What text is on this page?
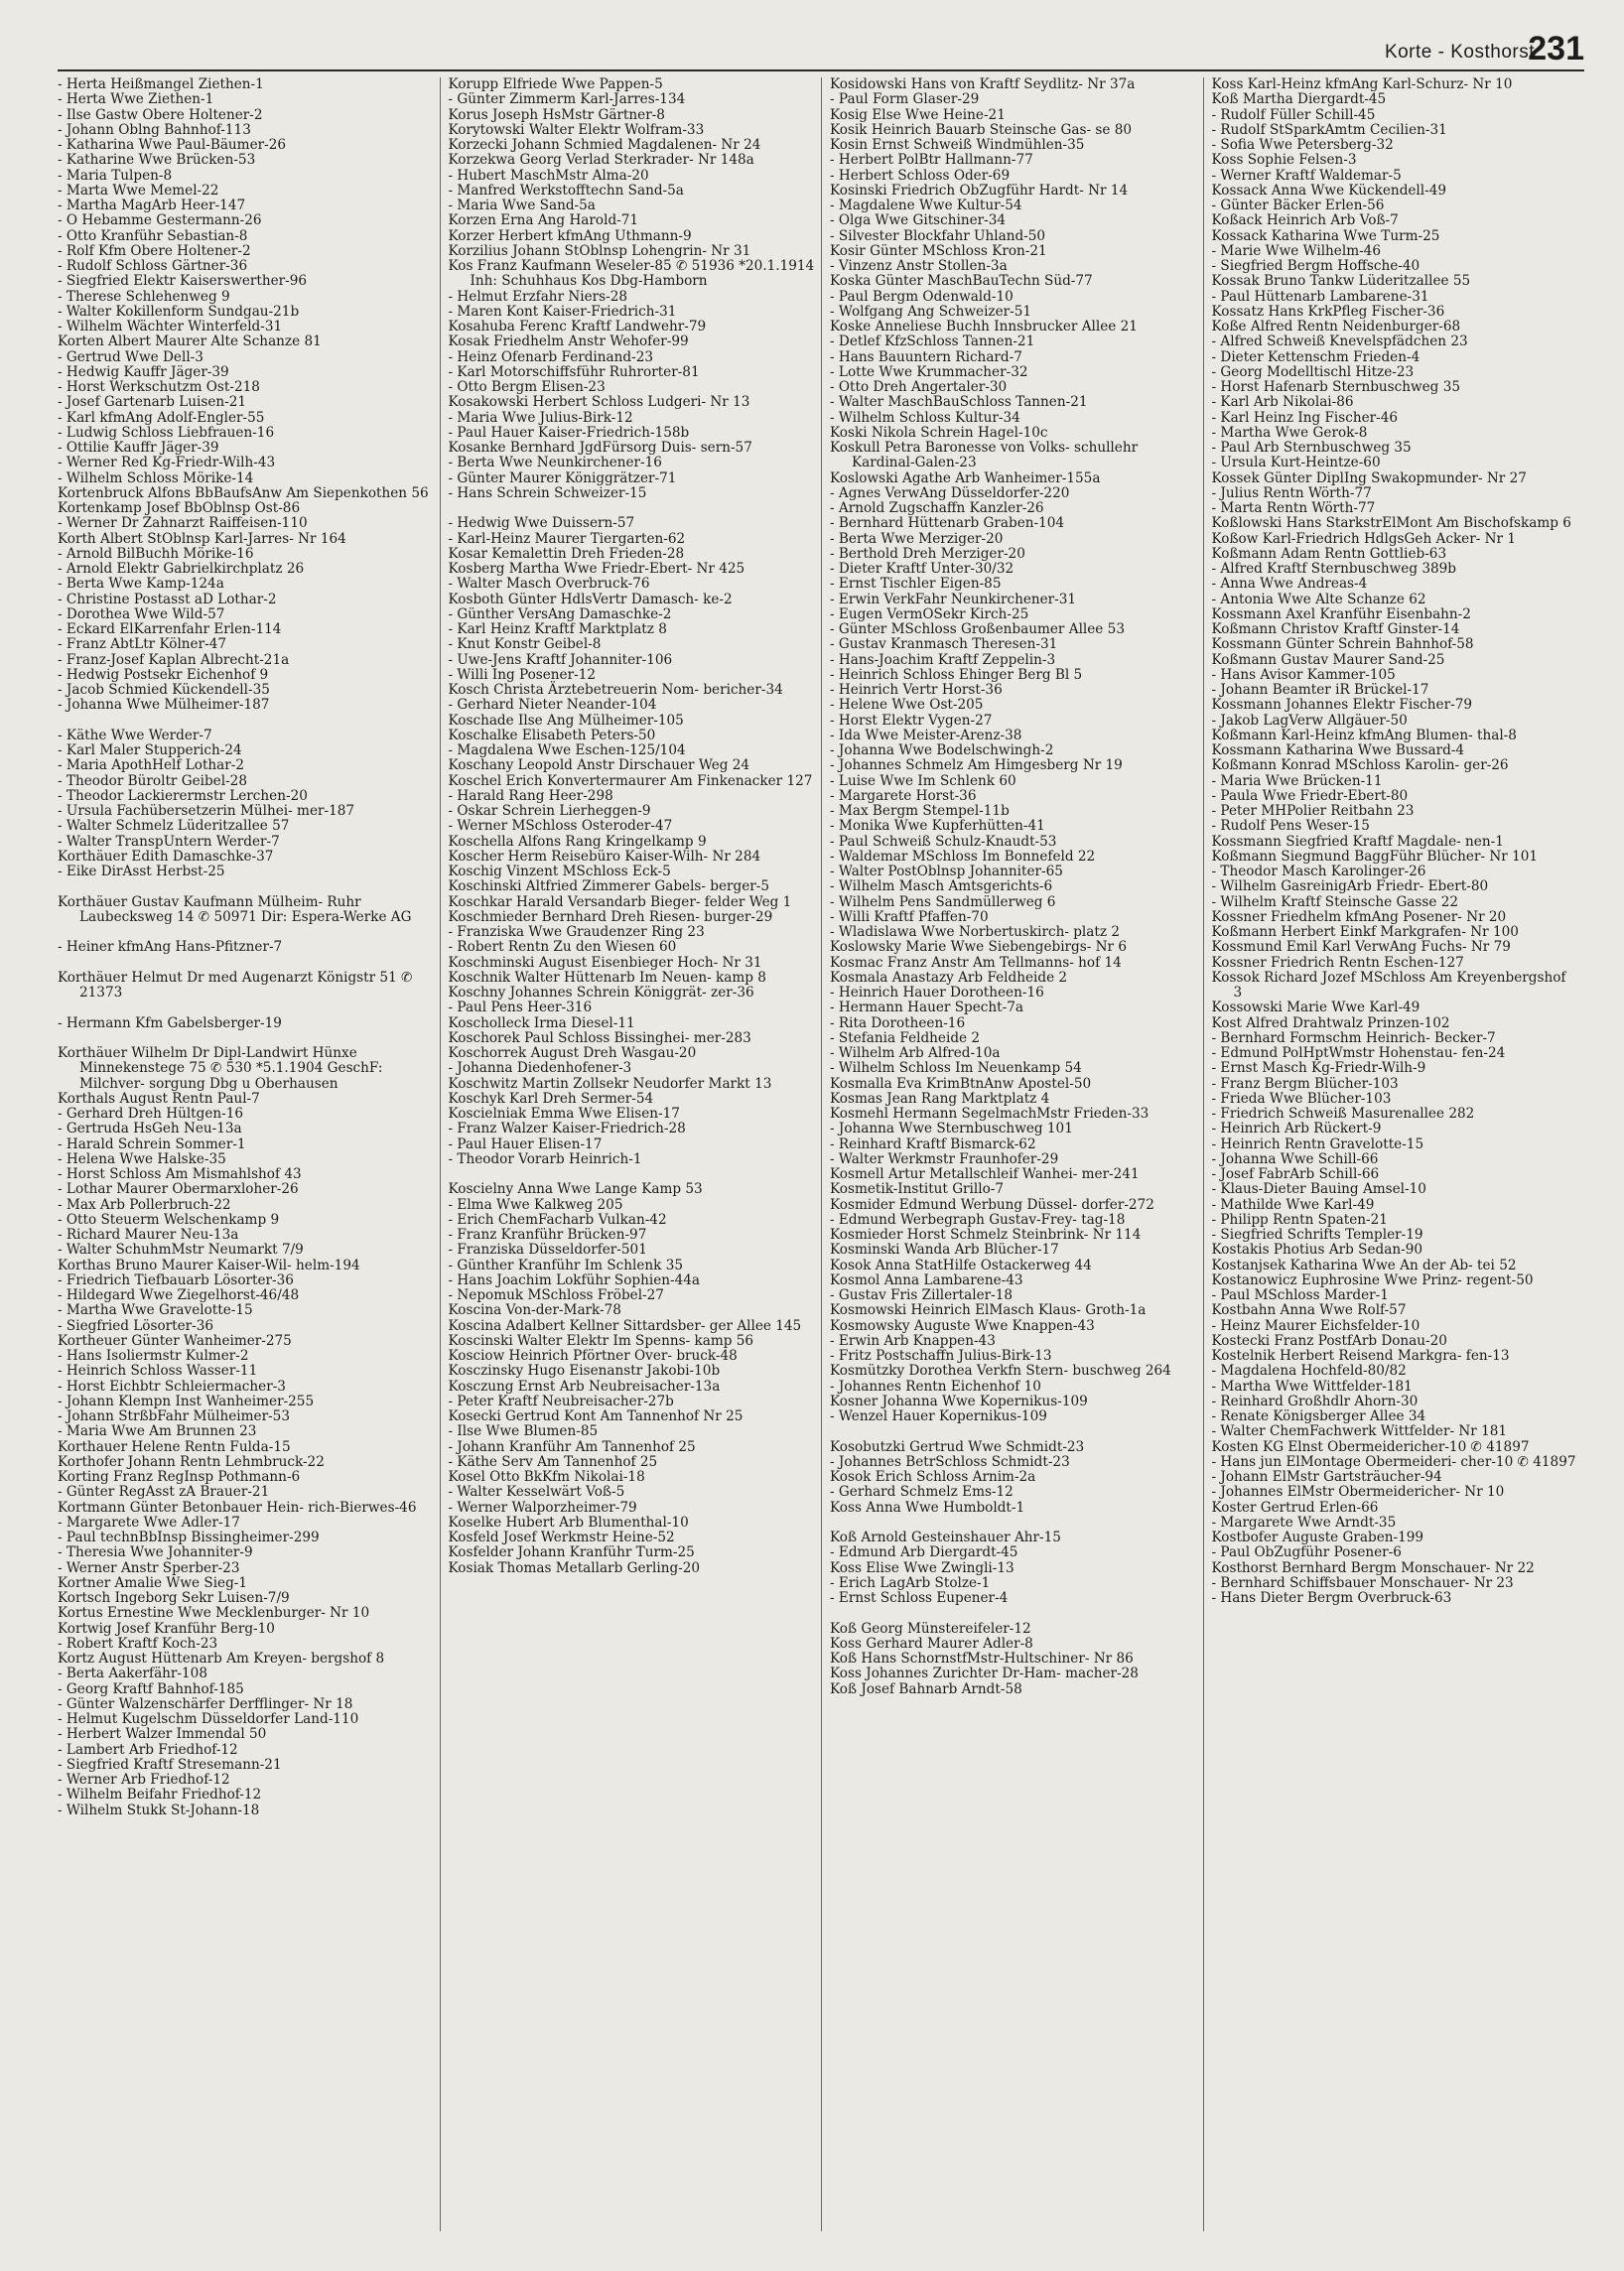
Korte - Kosthorst
231

- Herta Heißmangel Ziethen-1

- Herta Wwe Ziethen-1

- Ilse Gastw Obere Holtener-2

- Johann Oblng Bahnhof-113

- Katharina Wwe Paul-Bäumer-26

- Katharine Wwe Brücken-53

- Maria Tulpen-8

- Marta Wwe Memel-22

- Martha MagArb Heer-147

- O Hebamme Gestermann-26

- Otto Kranführ Sebastian-8

- Rolf Kfm Obere Holtener-2

- Rudolf Schloss Gärtner-36

- Siegfried Elektr Kaiserswerther-96

- Therese Schlehenweg 9

- Walter Kokillenform Sundgau-21b

- Wilhelm Wächter Winterfeld-31

Korten Albert Maurer Alte Schanze 81

- Gertrud Wwe Dell-3

- Hedwig Kauffr Jäger-39

- Horst Werkschutzm Ost-218

- Josef Gartenarb Luisen-21

- Karl kfmAng Adolf-Engler-55

- Ludwig Schloss Liebfrauen-16

- Ottilie Kauffr Jäger-39

- Werner Red Kg-Friedr-Wilh-43

- Wilhelm Schloss Mörike-14

Kortenbruck Alfons BbBaufsAnw Am Siepenkothen 56

Kortenkamp Josef BbOblnsp Ost-86

- Werner Dr Zahnarzt Raiffeisen-110

Korth Albert StOblnsp Karl-Jarres- Nr 164

- Arnold BilBuchh Mörike-16

- Arnold Elektr Gabrielkirchplatz 26

- Berta Wwe Kamp-124a

- Christine Postasst aD Lothar-2

- Dorothea Wwe Wild-57

- Eckard ElKarrenfahr Erlen-114

- Franz AbtLtr Kölner-47

- Franz-Josef Kaplan Albrecht-21a

- Hedwig Postsekr Eichenhof 9

- Jacob Schmied Kückendell-35

- Johanna Wwe Mülheimer-187

- Käthe Wwe Werder-7

- Karl Maler Stupperich-24

- Maria ApothHelf Lothar-2

- Theodor Büroltr Geibel-28

- Theodor Lackierermstr Lerchen-20

- Ursula Fachübersetzerin Mülhei- mer-187

- Walter Schmelz Lüderitzallee 57

- Walter TranspUntern Werder-7

Korthäuer Edith Damaschke-37

- Eike DirAsst Herbst-25

Korthäuer Gustav Kaufmann Mülheim- Ruhr Laubecksweg 14 ✆ 50971 Dir: Espera-Werke AG

- Heiner kfmAng Hans-Pfitzner-7

Korthäuer Helmut Dr med Augenarzt Königstr 51 ✆ 21373

- Hermann Kfm Gabelsberger-19

Korthäuer Wilhelm Dr Dipl-Landwirt Hünxe Minnekenstege 75 ✆ 530 *5.1.1904 GeschF: Milchver- sorgung Dbg u Oberhausen

Korthals August Rentn Paul-7

- Gerhard Dreh Hültgen-16

- Gertruda HsGeh Neu-13a

- Harald Schrein Sommer-1

- Helena Wwe Halske-35

- Horst Schloss Am Mismahlshof 43

- Lothar Maurer Obermarxloher-26

- Max Arb Pollerbruch-22

- Otto Steuerm Welschenkamp 9

- Richard Maurer Neu-13a

- Walter SchuhmMstr Neumarkt 7/9

Korthas Bruno Maurer Kaiser-Wil- helm-194

- Friedrich Tiefbauarb Lösorter-36

- Hildegard Wwe Ziegelhorst-46/48

- Martha Wwe Gravelotte-15

- Siegfried Lösorter-36

Kortheuer Günter Wanheimer-275

- Hans Isoliermstr Kulmer-2

- Heinrich Schloss Wasser-11

- Horst Eichbtr Schleiermacher-3

- Johann Klempn Inst Wanheimer-255

- Johann StrßbFahr Mülheimer-53

- Maria Wwe Am Brunnen 23

Korthauer Helene Rentn Fulda-15

Korthofer Johann Rentn Lehmbruck-22

Korting Franz RegInsp Pothmann-6

- Günter RegAsst zA Brauer-21

Kortmann Günter Betonbauer Hein- rich-Bierwes-46

- Margarete Wwe Adler-17

- Paul technBbInsp Bissingheimer-299

- Theresia Wwe Johanniter-9

- Werner Anstr Sperber-23

Kortner Amalie Wwe Sieg-1

Kortsch Ingeborg Sekr Luisen-7/9

Kortus Ernestine Wwe Mecklenburger- Nr 10

Kortwig Josef Kranführ Berg-10

- Robert Kraftf Koch-23

Kortz August Hüttenarb Am Kreyen- bergshof 8

- Berta Aakerfähr-108

- Georg Kraftf Bahnhof-185

- Günter Walzenschärfer Derfflinger- Nr 18

- Helmut Kugelschm Düsseldorfer Land-110

- Herbert Walzer Immendal 50

- Lambert Arb Friedhof-12

- Siegfried Kraftf Stresemann-21

- Werner Arb Friedhof-12

- Wilhelm Beifahr Friedhof-12

- Wilhelm Stukk St-Johann-18

Korupp Elfriede Wwe Pappen-5

- Günter Zimmerm Karl-Jarres-134

Korus Joseph HsMstr Gärtner-8

Korytowski Walter Elektr Wolfram-33

Korzecki Johann Schmied Magdalenen- Nr 24

Korzekwa Georg Verlad Sterkrader- Nr 148a

- Hubert MaschMstr Alma-20

- Manfred Werkstofftechn Sand-5a

- Maria Wwe Sand-5a

Korzen Erna Ang Harold-71

Korzer Herbert kfmAng Uthmann-9

Korzilius Johann StOblnsp Lohengrin- Nr 31

Kos Franz Kaufmann Weseler-85 ✆ 51936 *20.1.1914 Inh: Schuhhaus Kos Dbg-Hamborn

- Helmut Erzfahr Niers-28

- Maren Kont Kaiser-Friedrich-31

Kosahuba Ferenc Kraftf Landwehr-79

Kosak Friedhelm Anstr Wehofer-99

- Heinz Ofenarb Ferdinand-23

- Karl Motorschiffsführ Ruhrorter-81

- Otto Bergm Elisen-23

Kosakowski Herbert Schloss Ludgeri- Nr 13

- Maria Wwe Julius-Birk-12

- Paul Hauer Kaiser-Friedrich-158b

Kosanke Bernhard JgdFürsorg Duis- sern-57

- Berta Wwe Neunkirchener-16

- Günter Maurer Königgrätzer-71

- Hans Schrein Schweizer-15

- Hedwig Wwe Duissern-57

- Karl-Heinz Maurer Tiergarten-62

Kosar Kemalettin Dreh Frieden-28

Kosberg Martha Wwe Friedr-Ebert- Nr 425

- Walter Masch Overbruck-76

Kosboth Günter HdlsVertr Damasch- ke-2

- Günther VersAng Damaschke-2

- Karl Heinz Kraftf Marktplatz 8

- Knut Konstr Geibel-8

- Uwe-Jens Kraftf Johanniter-106

- Willi Ing Posener-12

Kosch Christa Ärztebetreuerin Nom- bericher-34

- Gerhard Nieter Neander-104

Koschade Ilse Ang Mülheimer-105

Koschalke Elisabeth Peters-50

- Magdalena Wwe Eschen-125/104

Koschany Leopold Anstr Dirschauer Weg 24

Koschel Erich Konvertermaurer Am Finkenacker 127

- Harald Rang Heer-298

- Oskar Schrein Lierheggen-9

- Werner MSchloss Osteroder-47

Koschella Alfons Rang Kringelkamp 9

Koscher Herm Reisebüro Kaiser-Wilh- Nr 284

Koschig Vinzent MSchloss Eck-5

Koschinski Altfried Zimmerer Gabels- berger-5

Koschkar Harald Versandarb Bieger- felder Weg 1

Koschmieder Bernhard Dreh Riesen- burger-29

- Franziska Wwe Graudenzer Ring 23

- Robert Rentn Zu den Wiesen 60

Koschminski August Eisenbieger Hoch- Nr 31

Koschnik Walter Hüttenarb Im Neuen- kamp 8

Koschny Johannes Schrein Königgrät- zer-36

- Paul Pens Heer-316

Koscholleck Irma Diesel-11

Koschorek Paul Schloss Bissinghei- mer-283

Koschorrek August Dreh Wasgau-20

- Johanna Diedenhofener-3

Koschwitz Martin Zollsekr Neudorfer Markt 13

Koschyk Karl Dreh Sermer-54

Koscielniak Emma Wwe Elisen-17

- Franz Walzer Kaiser-Friedrich-28

- Paul Hauer Elisen-17

- Theodor Vorarb Heinrich-1

Koscielny Anna Wwe Lange Kamp 53

- Elma Wwe Kalkweg 205

- Erich ChemFacharb Vulkan-42

- Franz Kranführ Brücken-97

- Franziska Düsseldorfer-501

- Günther Kranführ Im Schlenk 35

- Hans Joachim Lokführ Sophien-44a

- Nepomuk MSchloss Fröbel-27

Koscina Von-der-Mark-78

Koscina Adalbert Kellner Sittardsber- ger Allee 145

Koscinski Walter Elektr Im Spenns- kamp 56

Kosciow Heinrich Pförtner Over- bruck-48

Kosczinsky Hugo Eisenanstr Jakobi-10b

Kosczung Ernst Arb Neubreisacher-13a

- Peter Kraftf Neubreisacher-27b

Kosecki Gertrud Kont Am Tannenhof Nr 25

- Ilse Wwe Blumen-85

- Johann Kranführ Am Tannenhof 25

- Käthe Serv Am Tannenhof 25

Kosel Otto BkKfm Nikolai-18

- Walter Kesselwärt Voß-5

- Werner Walporzheimer-79

Koselke Hubert Arb Blumenthal-10

Kosfeld Josef Werkmstr Heine-52

Kosfelder Johann Kranführ Turm-25

Kosiak Thomas Metallarb Gerling-20

Kosidowski Hans von Kraftf Seydlitz- Nr 37a

- Paul Form Glaser-29

Kosig Else Wwe Heine-21

Kosik Heinrich Bauarb Steinsche Gas- se 80

Kosin Ernst Schweiß Windmühlen-35

- Herbert PolBtr Hallmann-77

- Herbert Schloss Oder-69

Kosinski Friedrich ObZugführ Hardt- Nr 14

- Magdalene Wwe Kultur-54

- Olga Wwe Gitschiner-34

- Silvester Blockfahr Uhland-50

Kosir Günter MSchloss Kron-21

- Vinzenz Anstr Stollen-3a

Koska Günter MaschBauTechn Süd-77

- Paul Bergm Odenwald-10

- Wolfgang Ang Schweizer-51

Koske Anneliese Buchh Innsbrucker Allee 21

- Detlef KfzSchloss Tannen-21

- Hans Bauuntern Richard-7

- Lotte Wwe Krummacher-32

- Otto Dreh Angertaler-30

- Walter MaschBauSchloss Tannen-21

- Wilhelm Schloss Kultur-34

Koski Nikola Schrein Hagel-10c

Koskull Petra Baronesse von Volks- schullehr Kardinal-Galen-23

Koslowski Agathe Arb Wanheimer-155a

- Agnes VerwAng Düsseldorfer-220

- Arnold Zugschaffn Kanzler-26

- Bernhard Hüttenarb Graben-104

- Berta Wwe Merziger-20

- Berthold Dreh Merziger-20

- Dieter Kraftf Unter-30/32

- Ernst Tischler Eigen-85

- Erwin VerkFahr Neunkirchener-31

- Eugen VermOSekr Kirch-25

- Günter MSchloss Großenbaumer Allee 53

- Gustav Kranmasch Theresen-31

- Hans-Joachim Kraftf Zeppelin-3

- Heinrich Schloss Ehinger Berg Bl 5

- Heinrich Vertr Horst-36

- Helene Wwe Ost-205

- Horst Elektr Vygen-27

- Ida Wwe Meister-Arenz-38

- Johanna Wwe Bodelschwingh-2

- Johannes Schmelz Am Himgesberg Nr 19

- Luise Wwe Im Schlenk 60

- Margarete Horst-36

- Max Bergm Stempel-11b

- Monika Wwe Kupferhütten-41

- Paul Schweiß Schulz-Knaudt-53

- Waldemar MSchloss Im Bonnefeld 22

- Walter PostOblnsp Johanniter-65

- Wilhelm Masch Amtsgerichts-6

- Wilhelm Pens Sandmüllerweg 6

- Willi Kraftf Pfaffen-70

- Wladislawa Wwe Norbertuskirch- platz 2

Koslowsky Marie Wwe Siebengebirgs- Nr 6

Kosmac Franz Anstr Am Tellmanns- hof 14

Kosmala Anastazy Arb Feldheide 2

- Heinrich Hauer Dorotheen-16

- Hermann Hauer Specht-7a

- Rita Dorotheen-16

- Stefania Feldheide 2

- Wilhelm Arb Alfred-10a

- Wilhelm Schloss Im Neuenkamp 54

Kosmalla Eva KrimBtnAnw Apostel-50

Kosmas Jean Rang Marktplatz 4

Kosmehl Hermann SegelmachMstr Frieden-33

- Johanna Wwe Sternbuschweg 101

- Reinhard Kraftf Bismarck-62

- Walter Werkmstr Fraunhofer-29

Kosmell Artur Metallschleif Wanhei- mer-241

Kosmetik-Institut Grillo-7

Kosmider Edmund Werbung Düssel- dorfer-272

- Edmund Werbegraph Gustav-Frey- tag-18

Kosmieder Horst Schmelz Steinbrink- Nr 114

Kosminski Wanda Arb Blücher-17

Kosok Anna StatHilfe Ostackerweg 44

Kosmol Anna Lambarene-43

- Gustav Fris Zillertaler-18

Kosmowski Heinrich ElMasch Klaus- Groth-1a

Kosmowsky Auguste Wwe Knappen-43

- Erwin Arb Knappen-43

- Fritz Postschaffn Julius-Birk-13

Kosmützky Dorothea Verkfn Stern- buschweg 264

- Johannes Rentn Eichenhof 10

Kosner Johanna Wwe Kopernikus-109

- Wenzel Hauer Kopernikus-109

Kosobutzki Gertrud Wwe Schmidt-23

- Johannes BetrSchloss Schmidt-23

Kosok Erich Schloss Arnim-2a

- Gerhard Schmelz Ems-12

Koss Anna Wwe Humboldt-1

Koß Arnold Gesteinshauer Ahr-15

- Edmund Arb Diergardt-45

Koss Elise Wwe Zwingli-13

- Erich LagArb Stolze-1

- Ernst Schloss Eupener-4

Koß Georg Münstereifeler-12

Koss Gerhard Maurer Adler-8

Koß Hans SchornstfMstr-Hultschiner- Nr 86

Koss Johannes Zurichter Dr-Ham- macher-28

Koß Josef Bahnarb Arndt-58

Koss Karl-Heinz kfmAng Karl-Schurz- Nr 10

Koß Martha Diergardt-45

- Rudolf Füller Schill-45

- Rudolf StSparkAmtm Cecilien-31

- Sofia Wwe Petersberg-32

Koss Sophie Felsen-3

- Werner Kraftf Waldemar-5

Kossack Anna Wwe Kückendell-49

- Günter Bäcker Erlen-56

Koßack Heinrich Arb Voß-7

Kossack Katharina Wwe Turm-25

- Marie Wwe Wilhelm-46

- Siegfried Bergm Hoffsche-40

Kossak Bruno Tankw Lüderitzallee 55

- Paul Hüttenarb Lambarene-31

Kossatz Hans KrkPfleg Fischer-36

Koße Alfred Rentn Neidenburger-68

- Alfred Schweiß Knevelspfädchen 23

- Dieter Kettenschm Frieden-4

- Georg Modelltischl Hitze-23

- Horst Hafenarb Sternbuschweg 35

- Karl Arb Nikolai-86

- Karl Heinz Ing Fischer-46

- Martha Wwe Gerok-8

- Paul Arb Sternbuschweg 35

- Ursula Kurt-Heintze-60

Kossek Günter DiplIng Swakopmunder- Nr 27

- Julius Rentn Wörth-77

- Marta Rentn Wörth-77

Koßlowski Hans StarkstrElMont Am Bischofskamp 6

Koßow Karl-Friedrich HdlgsGeh Acker- Nr 1

Koßmann Adam Rentn Gottlieb-63

- Alfred Kraftf Sternbuschweg 389b

- Anna Wwe Andreas-4

- Antonia Wwe Alte Schanze 62

Kossmann Axel Kranführ Eisenbahn-2

Koßmann Christov Kraftf Ginster-14

Kossmann Günter Schrein Bahnhof-58

Koßmann Gustav Maurer Sand-25

- Hans Avisor Kammer-105

- Johann Beamter iR Brückel-17

Kossmann Johannes Elektr Fischer-79

- Jakob LagVerw Allgäuer-50

Koßmann Karl-Heinz kfmAng Blumen- thal-8

Kossmann Katharina Wwe Bussard-4

Koßmann Konrad MSchloss Karolin- ger-26

- Maria Wwe Brücken-11

- Paula Wwe Friedr-Ebert-80

- Peter MHPolier Reitbahn 23

- Rudolf Pens Weser-15

Kossmann Siegfried Kraftf Magdale- nen-1

Koßmann Siegmund BaggFühr Blücher- Nr 101

- Theodor Masch Karolinger-26

- Wilhelm GasreinigArb Friedr- Ebert-80

- Wilhelm Kraftf Steinsche Gasse 22

Kossner Friedhelm kfmAng Posener- Nr 20

Koßmann Herbert Einkf Markgrafen- Nr 100

Kossmund Emil Karl VerwAng Fuchs- Nr 79

Kossner Friedrich Rentn Eschen-127

Kossok Richard Jozef MSchloss Am Kreyenbergshof 3

Kossowski Marie Wwe Karl-49

Kost Alfred Drahtwalz Prinzen-102

- Bernhard Formschm Heinrich- Becker-7

- Edmund PolHptWmstr Hohenstau- fen-24

- Ernst Masch Kg-Friedr-Wilh-9

- Franz Bergm Blücher-103

- Frieda Wwe Blücher-103

- Friedrich Schweiß Masurenallee 282

- Heinrich Arb Rückert-9

- Heinrich Rentn Gravelotte-15

- Johanna Wwe Schill-66

- Josef FabrArb Schill-66

- Klaus-Dieter Bauing Amsel-10

- Mathilde Wwe Karl-49

- Philipp Rentn Spaten-21

- Siegfried Schrifts Templer-19

Kostakis Photius Arb Sedan-90

Kostanjsek Katharina Wwe An der Ab- tei 52

Kostanowicz Euphrosine Wwe Prinz- regent-50

- Paul MSchloss Marder-1

Kostbahn Anna Wwe Rolf-57

- Heinz Maurer Eichsfelder-10

Kostecki Franz PostfArb Donau-20

Kostelnik Herbert Reisend Markgra- fen-13

- Magdalena Hochfeld-80/82

- Martha Wwe Wittfelder-181

- Reinhard Großhdlr Ahorn-30

- Renate Königsberger Allee 34

- Walter ChemFachwerk Wittfelder- Nr 181

Kosten KG Elnst Obermeidericher-10 ✆ 41897

- Hans jun ElMontage Obermeideri- cher-10 ✆ 41897

- Johann ElMstr Gartsträucher-94

- Johannes ElMstr Obermeidericher- Nr 10

Koster Gertrud Erlen-66

- Margarete Wwe Arndt-35

Kostbofer Auguste Graben-199

- Paul ObZugführ Posener-6

Kosthorst Bernhard Bergm Monschauer- Nr 22

- Bernhard Schiffsbauer Monschauer- Nr 23

- Hans Dieter Bergm Overbruck-63
